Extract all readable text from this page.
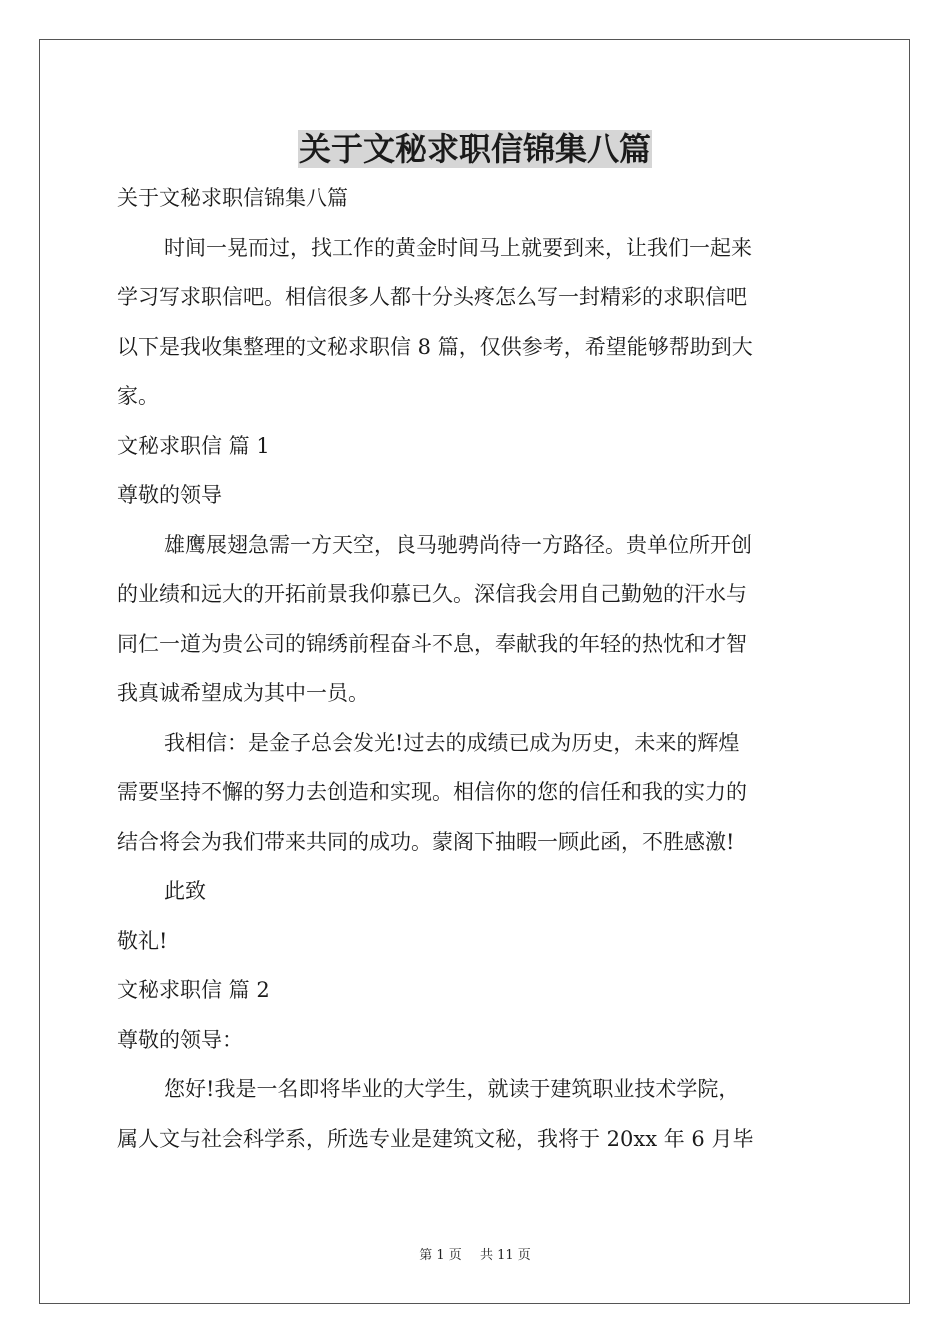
关于文秘求职信锦集八篇
关于文秘求职信锦集八篇
时间一晃而过，找工作的黄金时间马上就要到来，让我们一起来
学习写求职信吧。相信很多人都十分头疼怎么写一封精彩的求职信吧
以下是我收集整理的文秘求职信 8 篇，仅供参考，希望能够帮助到大
家。
文秘求职信 篇 1
尊敬的领导
雄鹰展翅急需一方天空，良马驰骋尚待一方路径。贵单位所开创
的业绩和远大的开拓前景我仰慕已久。深信我会用自己勤勉的汗水与
同仁一道为贵公司的锦绣前程奋斗不息，奉献我的年轻的热忱和才智
我真诚希望成为其中一员。
我相信：是金子总会发光!过去的成绩已成为历史，未来的辉煌
需要坚持不懈的努力去创造和实现。相信你的您的信任和我的实力的
结合将会为我们带来共同的成功。蒙阁下抽暇一顾此函，不胜感激!
此致
敬礼!
文秘求职信 篇 2
尊敬的领导：
您好!我是一名即将毕业的大学生，就读于建筑职业技术学院，
属人文与社会科学系，所选专业是建筑文秘，我将于 20xx 年 6 月毕
第 1 页 共 11 页
